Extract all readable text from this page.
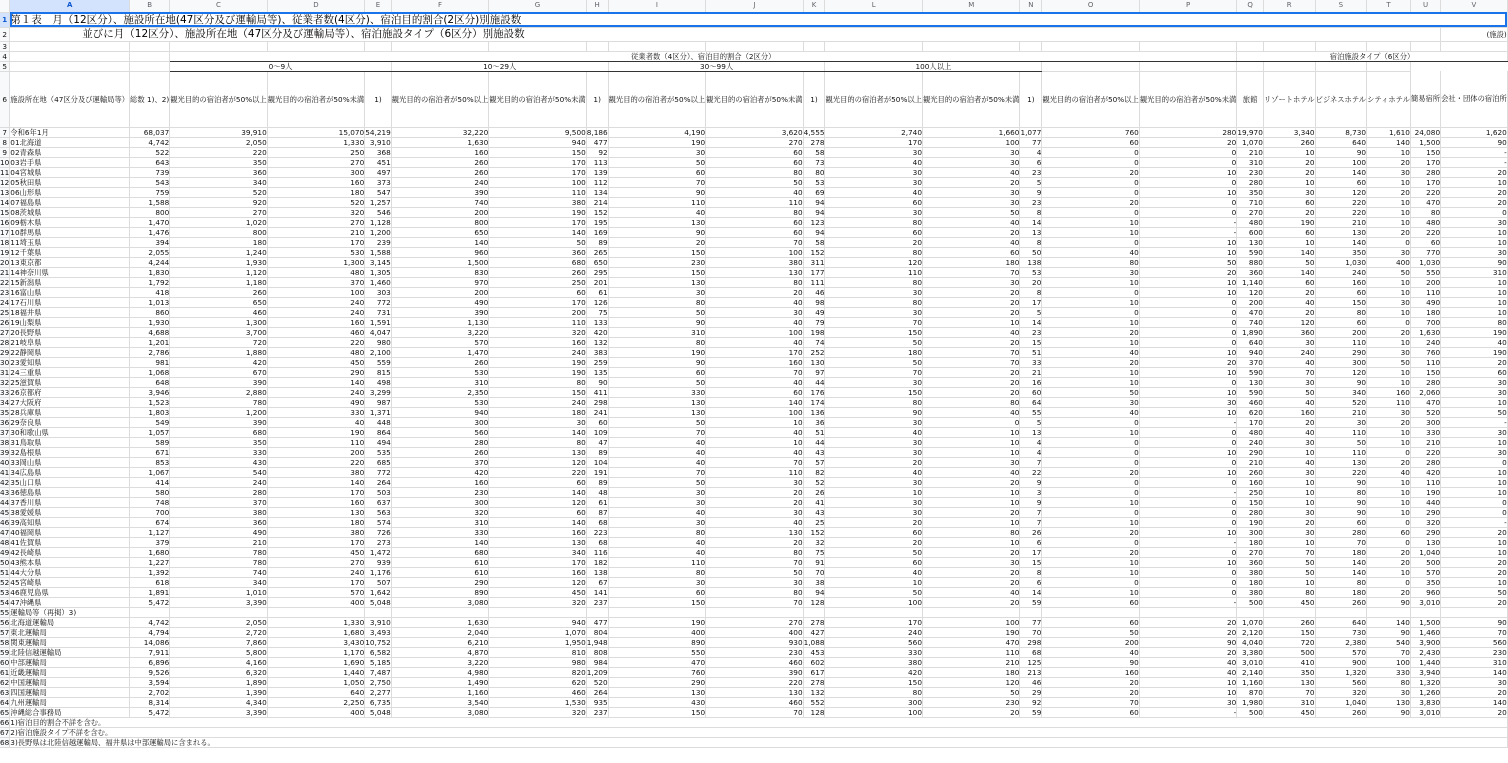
	A	B	C	D	E	F	G	H	I	J	K	L	M	N	O	P	Q	R	S	T	U	V
1	第１表　月（12区分）、施設所在地(47区分及び運輸局等)、従業者数(4区分)、宿泊目的割合(2区分)別施設数																					
2	並びに月（12区分）、施設所在地（47区分及び運輸局等）、宿泊施設タイプ（6区分）別施設数																					(施設)
3																						
4			従業者数（4区分）、宿泊目的割合（2区分）														宿泊施設タイプ（6区分）					
5			0～9人			10～29人			30～99人			100人以上										
6	施設所在地（47区分及び運輸局等）	総数 1)、2)	観光目的の宿泊者が50%以上	観光目的の宿泊者が50%未満	1)	観光目的の宿泊者が50%以上	観光目的の宿泊者が50%未満	1)	観光目的の宿泊者が50%以上	観光目的の宿泊者が50%未満	1)	観光目的の宿泊者が50%以上	観光目的の宿泊者が50%未満	1)	観光目的の宿泊者が50%以上	観光目的の宿泊者が50%未満	旅館	リゾートホテル	ビジネスホテル	シティホテル	簡易宿所	会社・団体の宿泊所
7	令和6年1月	68,037	39,910	15,070	54,219	32,220	9,500	8,186	4,190	3,620	4,555	2,740	1,660	1,077	760	280	19,970	3,340	8,730	1,610	24,080	1,620
8	01北海道	4,742	2,050	1,330	3,910	1,630	940	477	190	270	278	170	100	77	60	20	1,070	260	640	140	1,500	90
9	02青森県	522	220	250	368	160	150	92	30	60	58	30	30	4	0	0	210	10	90	10	150	-
10	03岩手県	643	350	270	451	260	170	113	50	60	73	40	30	6	0	0	310	20	100	20	170	-
11	04宮城県	739	360	300	497	260	170	139	60	80	80	30	40	23	20	10	230	20	140	30	280	20
12	05秋田県	543	340	160	373	240	100	112	70	50	53	30	20	5	0	0	280	10	60	10	170	10
13	06山形県	759	520	180	547	390	110	134	90	40	69	40	30	9	0	10	350	30	120	20	220	20
14	07福島県	1,588	920	520	1,257	740	380	214	110	110	94	60	30	23	20	0	710	60	220	10	470	20
15	08茨城県	800	270	320	546	200	190	152	40	80	94	30	50	8	0	0	270	20	220	10	80	0
16	09栃木県	1,470	1,020	270	1,128	800	170	195	130	60	123	80	40	14	10	-	480	190	210	10	480	30
17	10群馬県	1,476	800	210	1,200	650	140	169	90	60	94	60	20	13	10	-	600	60	130	20	220	10
18	11埼玉県	394	180	170	239	140	50	89	20	70	58	20	40	8	0	10	130	10	140	0	60	10
19	12千葉県	2,055	1,240	530	1,588	960	360	265	150	100	152	80	60	50	40	10	590	140	350	30	770	30
20	13東京都	4,244	1,930	1,300	3,145	1,500	680	650	230	380	311	120	180	138	80	50	880	50	1,030	400	1,030	90
21	14神奈川県	1,830	1,120	480	1,305	830	260	295	150	130	177	110	70	53	30	20	360	140	240	50	550	310
22	15新潟県	1,792	1,180	370	1,460	970	250	201	130	80	111	80	30	20	10	10	1,140	60	160	10	200	10
23	16富山県	418	260	100	303	200	60	61	30	20	46	30	20	8	0	10	120	20	60	10	110	10
24	17石川県	1,013	650	240	772	490	170	126	80	40	98	80	20	17	10	0	200	40	150	30	490	10
25	18福井県	860	460	240	731	390	200	75	50	30	49	30	20	5	0	0	470	20	80	10	180	10
26	19山梨県	1,930	1,300	160	1,591	1,130	110	133	90	40	79	70	10	14	10	0	740	120	60	0	700	80
27	20長野県	4,688	3,700	460	4,047	3,220	320	420	310	100	198	150	40	23	20	0	1,890	360	200	20	1,630	190
28	21岐阜県	1,201	720	220	980	570	160	132	80	40	74	50	20	15	10	0	640	30	110	10	240	40
29	22静岡県	2,786	1,880	480	2,100	1,470	240	383	190	170	252	180	70	51	40	10	940	240	290	30	760	190
30	23愛知県	981	420	450	559	260	190	259	90	160	130	50	70	33	20	20	370	40	300	50	110	20
31	24三重県	1,068	670	290	815	530	190	135	60	70	97	70	20	21	10	10	590	70	120	10	150	60
32	25滋賀県	648	390	140	498	310	80	90	50	40	44	30	20	16	10	0	130	30	90	10	280	30
33	26京都府	3,946	2,880	240	3,299	2,350	150	411	330	60	176	150	20	60	50	10	590	50	340	160	2,060	30
34	27大阪府	1,523	780	490	987	530	240	298	130	140	174	80	80	64	30	30	460	40	520	110	470	10
35	28兵庫県	1,803	1,200	330	1,371	940	180	241	130	100	136	90	40	55	40	10	620	160	210	30	520	50
36	29奈良県	549	390	40	448	300	30	60	50	10	36	30	0	5	0	-	170	20	30	20	300	-
37	30和歌山県	1,057	680	190	864	560	140	109	70	40	51	40	10	13	10	0	480	40	110	10	330	30
38	31鳥取県	589	350	110	494	280	80	47	40	10	44	30	10	4	0	0	240	30	50	10	210	10
39	32島根県	671	330	200	535	260	130	89	40	40	43	30	10	4	0	10	290	10	110	0	220	30
40	33岡山県	853	430	220	685	370	120	104	40	70	57	20	30	7	0	0	210	40	130	20	280	0
41	34広島県	1,067	540	380	772	420	220	191	70	110	82	40	40	22	20	10	260	30	220	40	420	10
42	35山口県	414	240	140	264	160	60	89	50	30	52	30	20	9	0	0	160	10	90	10	110	10
43	36徳島県	580	280	170	503	230	140	48	30	20	26	10	10	3	0	-	250	10	80	10	190	10
44	37香川県	748	370	160	637	300	120	61	30	20	41	30	10	9	10	0	150	10	90	10	440	0
45	38愛媛県	700	380	130	563	320	60	87	40	30	43	30	20	7	0	0	280	30	90	10	290	0
46	39高知県	674	360	180	574	310	140	68	30	40	25	20	10	7	10	0	190	20	60	0	320	-
47	40福岡県	1,127	490	380	726	330	160	223	80	130	152	60	80	26	20	10	300	30	280	60	290	20
48	41佐賀県	379	210	170	273	140	130	68	40	20	32	20	10	6	0	-	180	10	70	0	130	10
49	42長崎県	1,680	780	450	1,472	680	340	116	40	80	75	50	20	17	20	0	270	70	180	20	1,040	10
50	43熊本県	1,227	780	270	939	610	170	182	110	70	91	60	30	15	10	10	360	50	140	20	500	20
51	44大分県	1,392	740	240	1,176	610	160	138	80	50	70	40	20	8	10	0	380	50	140	10	570	20
52	45宮崎県	618	340	170	507	290	120	67	30	30	38	10	20	6	0	0	180	10	80	0	350	10
53	46鹿児島県	1,891	1,010	570	1,642	890	450	141	60	80	94	50	40	14	10	0	380	80	180	20	960	50
54	47沖縄県	5,472	3,390	400	5,048	3,080	320	237	150	70	128	100	20	59	60	-	500	450	260	90	3,010	20
55	運輸局等（再掲）3)																					
56	北海道運輸局	4,742	2,050	1,330	3,910	1,630	940	477	190	270	278	170	100	77	60	20	1,070	260	640	140	1,500	90
57	東北運輸局	4,794	2,720	1,680	3,493	2,040	1,070	804	400	400	427	240	190	70	50	20	2,120	150	730	90	1,460	70
58	関東運輸局	14,086	7,860	3,430	10,752	6,210	1,950	1,948	890	930	1,088	560	470	298	200	90	4,040	720	2,380	540	3,900	560
59	北陸信越運輸局	7,911	5,800	1,170	6,582	4,870	810	808	550	230	453	330	110	68	40	20	3,380	500	570	70	2,430	230
60	中部運輸局	6,896	4,160	1,690	5,185	3,220	980	984	470	460	602	380	210	125	90	40	3,010	410	900	100	1,440	310
61	近畿運輸局	9,526	6,320	1,440	7,487	4,980	820	1,209	760	390	617	420	180	213	160	40	2,140	350	1,320	330	3,940	140
62	中国運輸局	3,594	1,890	1,050	2,750	1,490	620	520	290	220	278	150	120	46	20	10	1,160	130	560	80	1,320	30
63	四国運輸局	2,702	1,390	640	2,277	1,160	460	264	130	130	132	80	50	29	20	10	870	70	320	30	1,260	20
64	九州運輸局	8,314	4,340	2,250	6,735	3,540	1,530	935	430	460	552	300	230	92	70	30	1,980	310	1,040	130	3,830	140
65	沖縄総合事務局	5,472	3,390	400	5,048	3,080	320	237	150	70	128	100	20	59	60	-	500	450	260	90	3,010	20
66	1)宿泊目的割合不詳を含む。																					
67	2)宿泊施設タイプ不詳を含む。																					
68	3)長野県は北陸信越運輸局、福井県は中部運輸局に含まれる。																					
